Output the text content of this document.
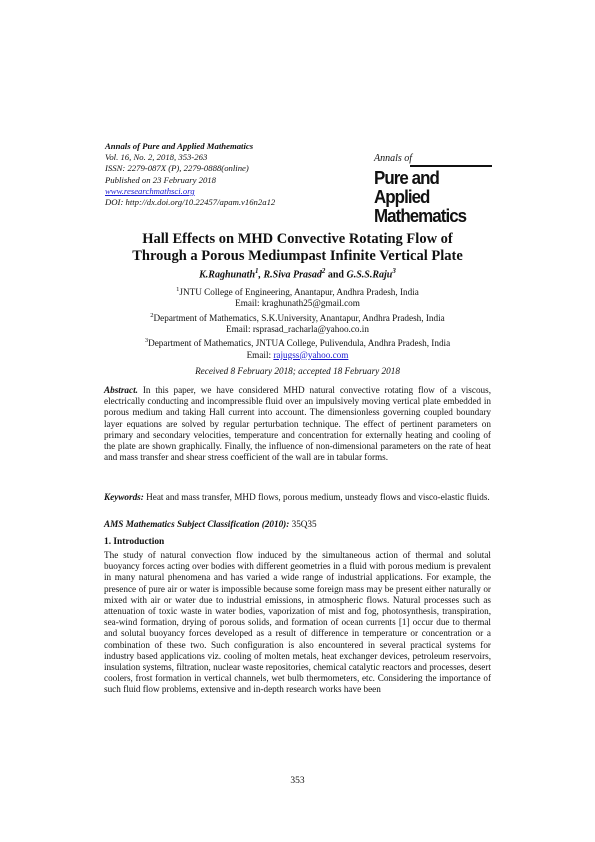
Annals of Pure and Applied Mathematics
Vol. 16, No. 2, 2018, 353-263
ISSN: 2279-087X (P), 2279-0888(online)
Published on 23 February 2018
www.researchmathsci.org
DOI: http://dx.doi.org/10.22457/apam.v16n2a12
Annals of
Pure and Applied
Mathematics
Hall Effects on MHD Convective Rotating Flow of
Through a Porous Mediumpast Infinite Vertical Plate
K.Raghunath$^1$, R.Siva Prasad$^2$ and G.S.S.Raju$^3$
$^1$JNTU College of Engineering, Anantapur, Andhra Pradesh, India
Email: kraghunath25@gmail.com
$^2$Department of Mathematics, S.K.University, Anantapur, Andhra Pradesh, India
Email: rsprasad_racharla@yahoo.co.in
$^3$Department of Mathematics, JNTUA College, Pulivendula, Andhra Pradesh, India
Email: rajugss@yahoo.com
Received 8 February 2018; accepted 18 February 2018
Abstract. In this paper, we have considered MHD natural convective rotating flow of a viscous, electrically conducting and incompressible fluid over an impulsively moving vertical plate embedded in porous medium and taking Hall current into account. The dimensionless governing coupled boundary layer equations are solved by regular perturbation technique. The effect of pertinent parameters on primary and secondary velocities, temperature and concentration for externally heating and cooling of the plate are shown graphically. Finally, the influence of non-dimensional parameters on the rate of heat and mass transfer and shear stress coefficient of the wall are in tabular forms.
Keywords: Heat and mass transfer, MHD flows, porous medium, unsteady flows and visco-elastic fluids.
AMS Mathematics Subject Classification (2010): 35Q35
1. Introduction
The study of natural convection flow induced by the simultaneous action of thermal and solutal buoyancy forces acting over bodies with different geometries in a fluid with porous medium is prevalent in many natural phenomena and has varied a wide range of industrial applications. For example, the presence of pure air or water is impossible because some foreign mass may be present either naturally or mixed with air or water due to industrial emissions, in atmospheric flows. Natural processes such as attenuation of toxic waste in water bodies, vaporization of mist and fog, photosynthesis, transpiration, sea-wind formation, drying of porous solids, and formation of ocean currents [1] occur due to thermal and solutal buoyancy forces developed as a result of difference in temperature or concentration or a combination of these two. Such configuration is also encountered in several practical systems for industry based applications viz. cooling of molten metals, heat exchanger devices, petroleum reservoirs, insulation systems, filtration, nuclear waste repositories, chemical catalytic reactors and processes, desert coolers, frost formation in vertical channels, wet bulb thermometers, etc. Considering the importance of such fluid flow problems, extensive and in-depth research works have been
353
